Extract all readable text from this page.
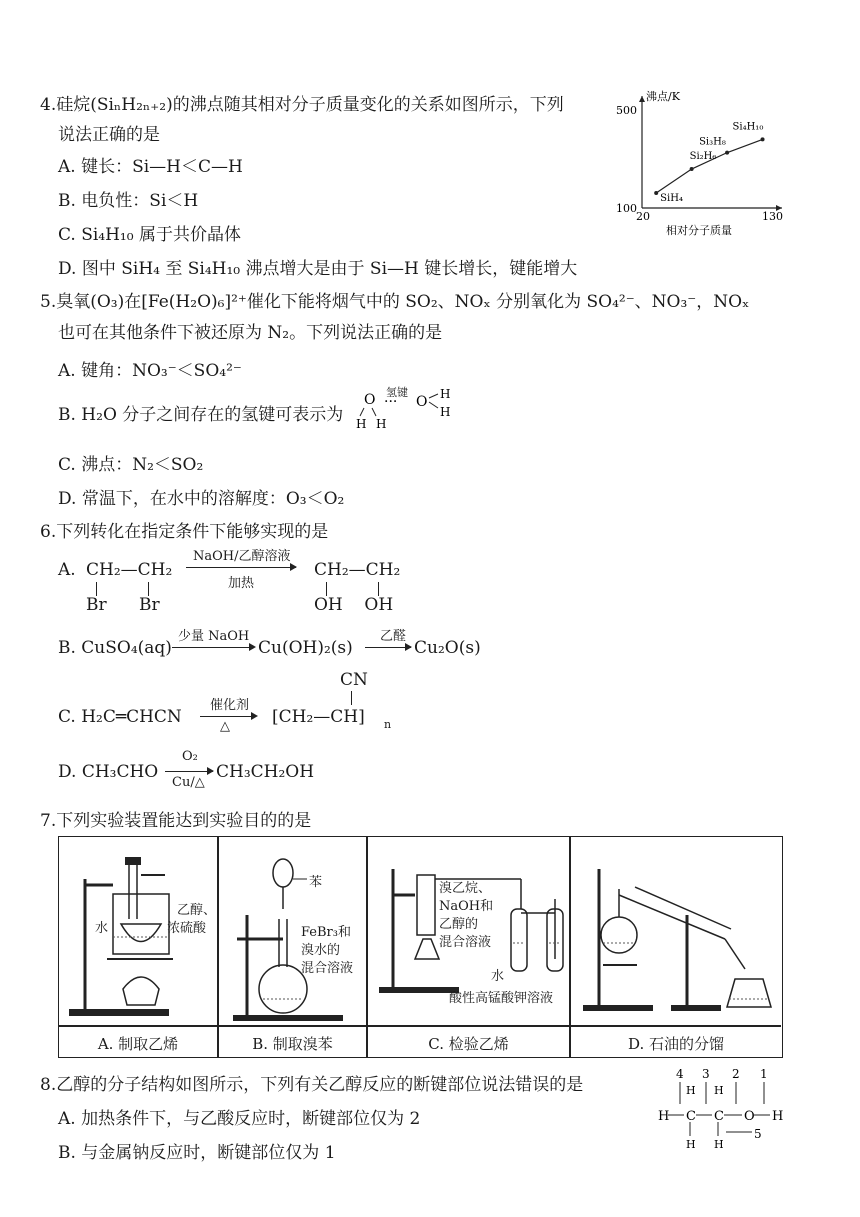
4.硅烷(SiₙH₂ₙ₊₂)的沸点随其相对分子质量变化的关系如图所示，下列
说法正确的是
A. 键长：Si—H＜C—H
B. 电负性：Si＜H
C. Si₄H₁₀ 属于共价晶体
D. 图中 SiH₄ 至 Si₄H₁₀ 沸点增大是由于 Si—H 键长增长，键能增大
沸点/K
相对分子质量
500
100
20	130
SiH₄
Si₂H₆
Si₃H₈
Si₄H₁₀
5.臭氧(O₃)在[Fe(H₂O)₆]²⁺催化下能将烟气中的 SO₂、NOₓ 分别氧化为 SO₄²⁻、NO₃⁻，NOₓ
也可在其他条件下被还原为 N₂。下列说法正确的是
A. 键角：NO₃⁻＜SO₄²⁻
B. H₂O 分子之间存在的氢键可表示为
O
H H
··· O H
H
氢键
C. 沸点：N₂＜SO₂
D. 常温下，在水中的溶解度：O₃＜O₂
6.下列转化在指定条件下能够实现的是
A. CH₂—CH₂
Br      Br
NaOH/乙醇溶液
加热
CH₂—CH₂
OH    OH
B. CuSO₄(aq)
少量 NaOH
Cu(OH)₂(s)
乙醛
Cu₂O(s)
CN
C. H₂C═CHCN
催化剂
△ [CH₂—CH] n
D. CH₃CHO
O₂
Cu/△
CH₃CH₂OH
7.下列实验装置能达到实验目的的是
水
乙醇、
浓硫酸
苯
FeBr₃和
溴水的
混合溶液
溴乙烷、
NaOH和
乙醇的
混合溶液
水
酸性高锰酸钾溶液
A. 制取乙烯	B. 制取溴苯	C. 检验乙烯	D. 石油的分馏
8.乙醇的分子结构如图所示，下列有关乙醇反应的断键部位说法错误的是
A. 加热条件下，与乙酸反应时，断键部位仅为 2
B. 与金属钠反应时，断键部位仅为 1
4 3 2 1
H C C O H
H H
H H
5
